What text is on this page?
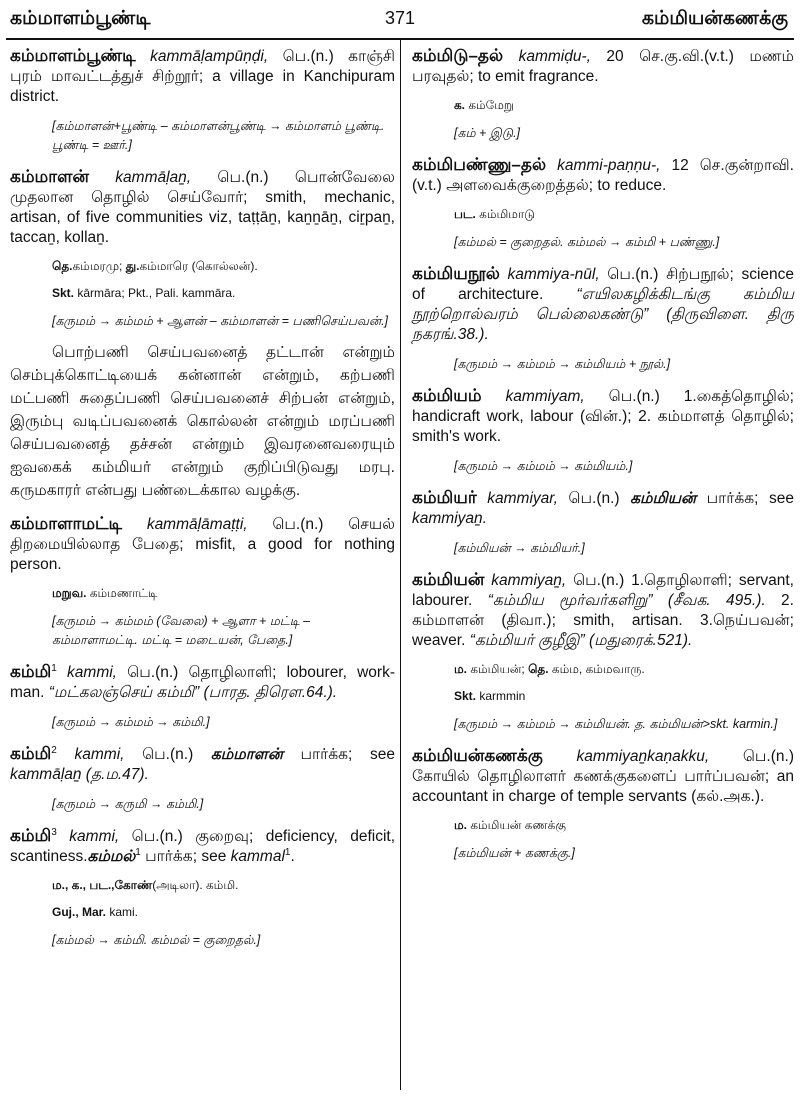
கம்மாளம்பூண்டி	371	கம்மியன்கணக்கு

கம்மாளம்பூண்டி kammāḷampūṇḍi, பெ.(n.) காஞ்சி புரம் மாவட்டத்துச் சிற்றூர்; a village in Kanchipuram district.

[கம்மாளன்+பூண்டி – கம்மாளன்பூண்டி → கம்மாளம் பூண்டி. பூண்டி = ஊர்.]

கம்மாளன் kammāḷaṉ, பெ.(n.) பொன்வேலை முதலான தொழில் செய்வோர்; smith, mechanic, artisan, of five communities viz, taṭṭāṉ, kaṉṉāṉ, ciṟpaṉ, taccaṉ, kollaṉ.

தெ.கம்மரமு; து.கம்மாரெ (கொல்லன்).

Skt. kārmāra; Pkt., Pali. kammāra.

[கருமம் → கம்மம் + ஆளன் – கம்மாளன் = பணிசெய்பவன்.]

பொற்பணி செய்பவனைத் தட்டான் என்றும் செம்புக்கொட்டியைக் கன்னான் என்றும், கற்பணி மட்பணி சுதைப்பணி செய்பவனைச் சிற்பன் என்றும், இரும்பு வடிப்பவனைக் கொல்லன் என்றும் மரப்பணி செய்பவனைத் தச்சன் என்றும் இவரனைவரையும் ஐவகைக் கம்மியர் என்றும் குறிப்பிடுவது மரபு. கருமகாரர் என்பது பண்டைக்கால வழக்கு.

கம்மாளாமட்டி kammāḷāmaṭṭi, பெ.(n.) செயல் திறமையில்லாத பேதை; misfit, a good for nothing person.

மறுவ. கம்மணாட்டி

[கருமம் → கம்மம் (வேலை) + ஆளா + மட்டி – கம்மாளாமட்டி. மட்டி = மடையன், பேதை.]

கம்மி$^1$ kammi, பெ.(n.) தொழிலாளி; lobourer, work-man. “மட்கலஞ்செய் கம்மி” (பாரத. திரௌ.64.).

[கருமம் → கம்மம் → கம்மி.]

கம்மி$^2$ kammi, பெ.(n.) கம்மாளன் பார்க்க; see kammāḷaṉ (த.ம.47).

[கருமம் → கருமி → கம்மி.]

கம்மி$^3$ kammi, பெ.(n.) குறைவு; deficiency, deficit, scantiness.கம்மல்$^1$ பார்க்க; see kammal$^1$.

ம., க., பட.,கோண்(அடிலா). கம்மி.

Guj., Mar. kami.

[கம்மல் → கம்மி. கம்மல் = குறைதல்.]

கம்மிடு–தல் kammiḍu-, 20 செ.கு.வி.(v.t.) மணம் பரவுதல்; to emit fragrance.

க. கம்மேறு

[கம் + இடு.]

கம்மிபண்ணு–தல் kammi-paṇṇu-, 12 செ.குன்றாவி. (v.t.) அளவைக்குறைத்தல்; to reduce.

பட. கம்மிமாடு

[கம்மல் = குறைதல். கம்மல் → கம்மி + பண்ணு.]

கம்மியநூல் kammiya-nūl, பெ.(n.) சிற்பநூல்; science of architecture. “எயிலகழிக்கிடங்கு கம்மிய நூற்றொல்வரம் பெல்லைகண்டு” (திருவிளை. திரு நகரங்.38.).

[கருமம் → கம்மம் → கம்மியம் + நூல்.]

கம்மியம் kammiyam, பெ.(n.) 1.கைத்தொழில்; handicraft work, labour (வின்.); 2. கம்மாளத் தொழில்; smith's work.

[கருமம் → கம்மம் → கம்மியம்.]

கம்மியர் kammiyar, பெ.(n.) கம்மியன் பார்க்க; see kammiyaṉ.

[கம்மியன் → கம்மியர்.]

கம்மியன் kammiyaṉ, பெ.(n.) 1.தொழிலாளி; servant, labourer. “கம்மிய மூர்வர்களிறு” (சீவக. 495.). 2. கம்மாளன் (திவா.); smith, artisan. 3.நெய்பவன்; weaver. “கம்மியர் குழீஇ” (மதுரைக்.521).

ம. கம்மியன்; தெ. கம்ம, கம்மவாரு.

Skt. karmmin

[கருமம் → கம்மம் → கம்மியன். த. கம்மியன்>skt. karmin.]

கம்மியன்கணக்கு kammiyaṉkaṇakku, பெ.(n.) கோயில் தொழிலாளர் கணக்குகளைப் பார்ப்பவன்; an accountant in charge of temple servants (கல்.அக.).

ம. கம்மியன் கணக்கு

[கம்மியன் + கணக்கு.]
